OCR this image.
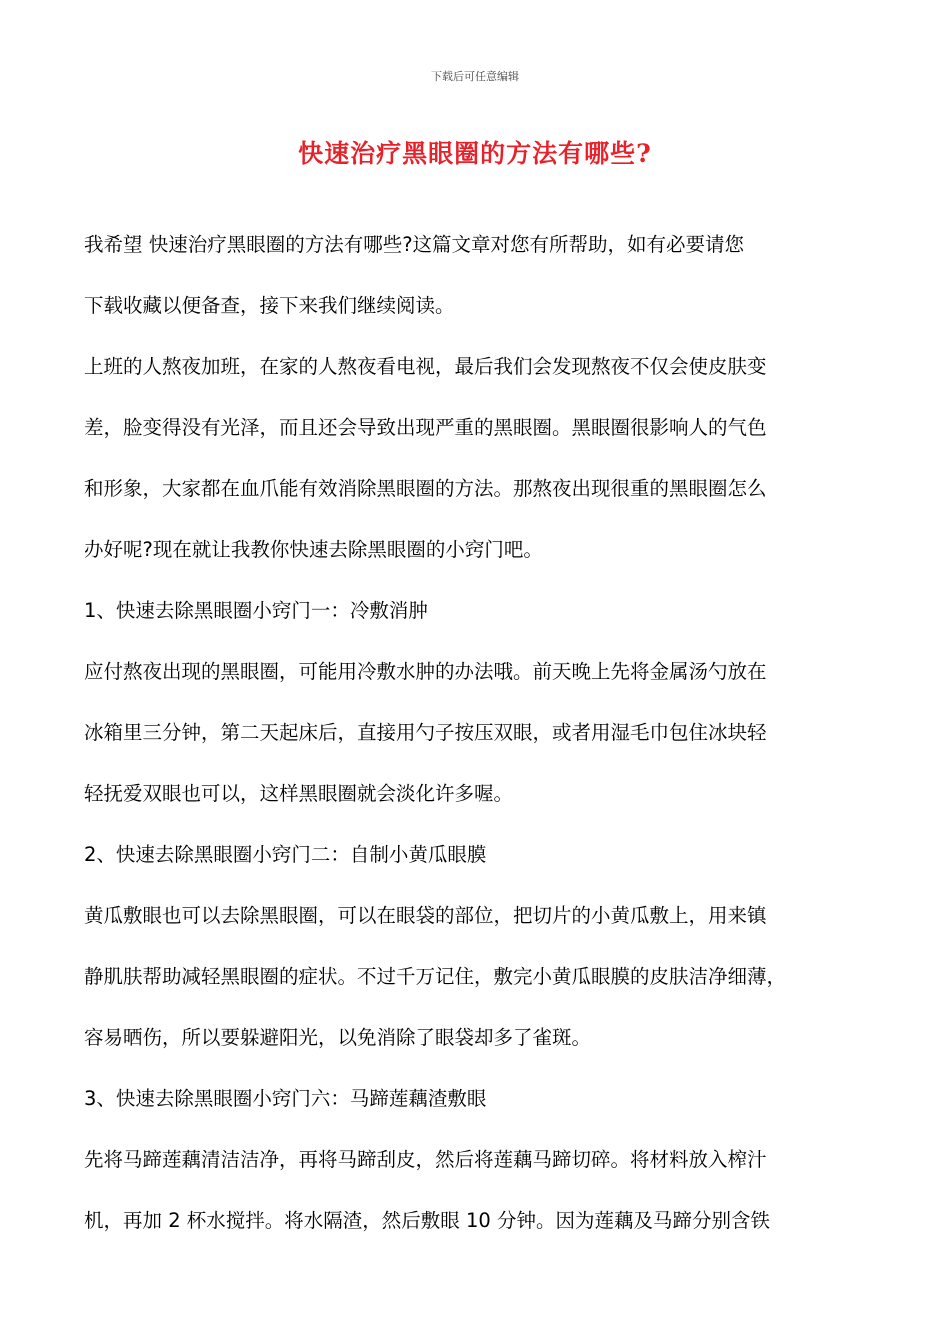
下载后可任意编辑
快速治疗黑眼圈的方法有哪些?
我希望 快速治疗黑眼圈的方法有哪些?这篇文章对您有所帮助，如有必要请您
下载收藏以便备查，接下来我们继续阅读。
上班的人熬夜加班，在家的人熬夜看电视，最后我们会发现熬夜不仅会使皮肤变
差，脸变得没有光泽，而且还会导致出现严重的黑眼圈。黑眼圈很影响人的气色
和形象，大家都在血爪能有效消除黑眼圈的方法。那熬夜出现很重的黑眼圈怎么
办好呢?现在就让我教你快速去除黑眼圈的小窍门吧。
1、快速去除黑眼圈小窍门一：冷敷消肿
应付熬夜出现的黑眼圈，可能用冷敷水肿的办法哦。前天晚上先将金属汤勺放在
冰箱里三分钟，第二天起床后，直接用勺子按压双眼，或者用湿毛巾包住冰块轻
轻抚爱双眼也可以，这样黑眼圈就会淡化许多喔。
2、快速去除黑眼圈小窍门二：自制小黄瓜眼膜
黄瓜敷眼也可以去除黑眼圈，可以在眼袋的部位，把切片的小黄瓜敷上，用来镇
静肌肤帮助减轻黑眼圈的症状。不过千万记住，敷完小黄瓜眼膜的皮肤洁净细薄，
容易晒伤，所以要躲避阳光，以免消除了眼袋却多了雀斑。
3、快速去除黑眼圈小窍门六：马蹄莲藕渣敷眼
先将马蹄莲藕清洁洁净，再将马蹄刮皮，然后将莲藕马蹄切碎。将材料放入榨汁
机，再加 2 杯水搅拌。将水隔渣，然后敷眼 10 分钟。因为莲藕及马蹄分别含铁
